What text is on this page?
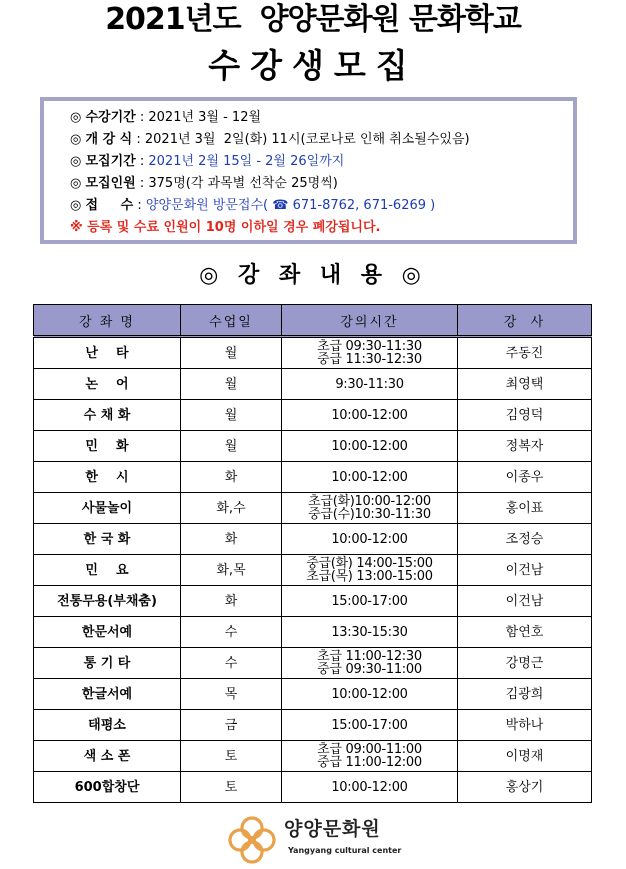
2021년도  양양문화원 문화학교
수강생모집
◎ 수강기간 : 2021년 3월 - 12월
◎ 개 강 식 : 2021년 3월  2일(화) 11시(코로나로 인해 취소될수있음)
◎ 모집기간 : 2021년 2월 15일 - 2월 26일까지
◎ 모집인원 : 375명(각 과목별 선착순 25명씩)
◎ 접     수 : 양양문화원 방문접수( ☎ 671-8762, 671-6269 )
※ 등록 및 수료 인원이 10명 이하일 경우 폐강됩니다.
◎ 강 좌 내 용 ◎
강 좌 명	수업일	강의시간	강  사
난    타	월	초급 09:30-11:30
중급 11:30-12:30	주동진
논    어	월	9:30-11:30	최영택
수 채 화	월	10:00-12:00	김영덕
민    화	월	10:00-12:00	정복자
한    시	화	10:00-12:00	이종우
사물놀이	화,수	초급(화)10:00-12:00
중급(수)10:30-11:30	홍이표
한 국 화	화	10:00-12:00	조정승
민    요	화,목	중급(화) 14:00-15:00
초급(목) 13:00-15:00	이건남
전통무용(부채춤)	화	15:00-17:00	이건남
한문서예	수	13:30-15:30	함연호
통 기 타	수	초급 11:00-12:30
중급 09:30-11:00	강명근
한글서예	목	10:00-12:00	김광희
태평소	금	15:00-17:00	박하나
색 소 폰	토	초급 09:00-11:00
중급 11:00-12:00	이명재
600합창단	토	10:00-12:00	홍상기
양양문화원
Yangyang cultural center
